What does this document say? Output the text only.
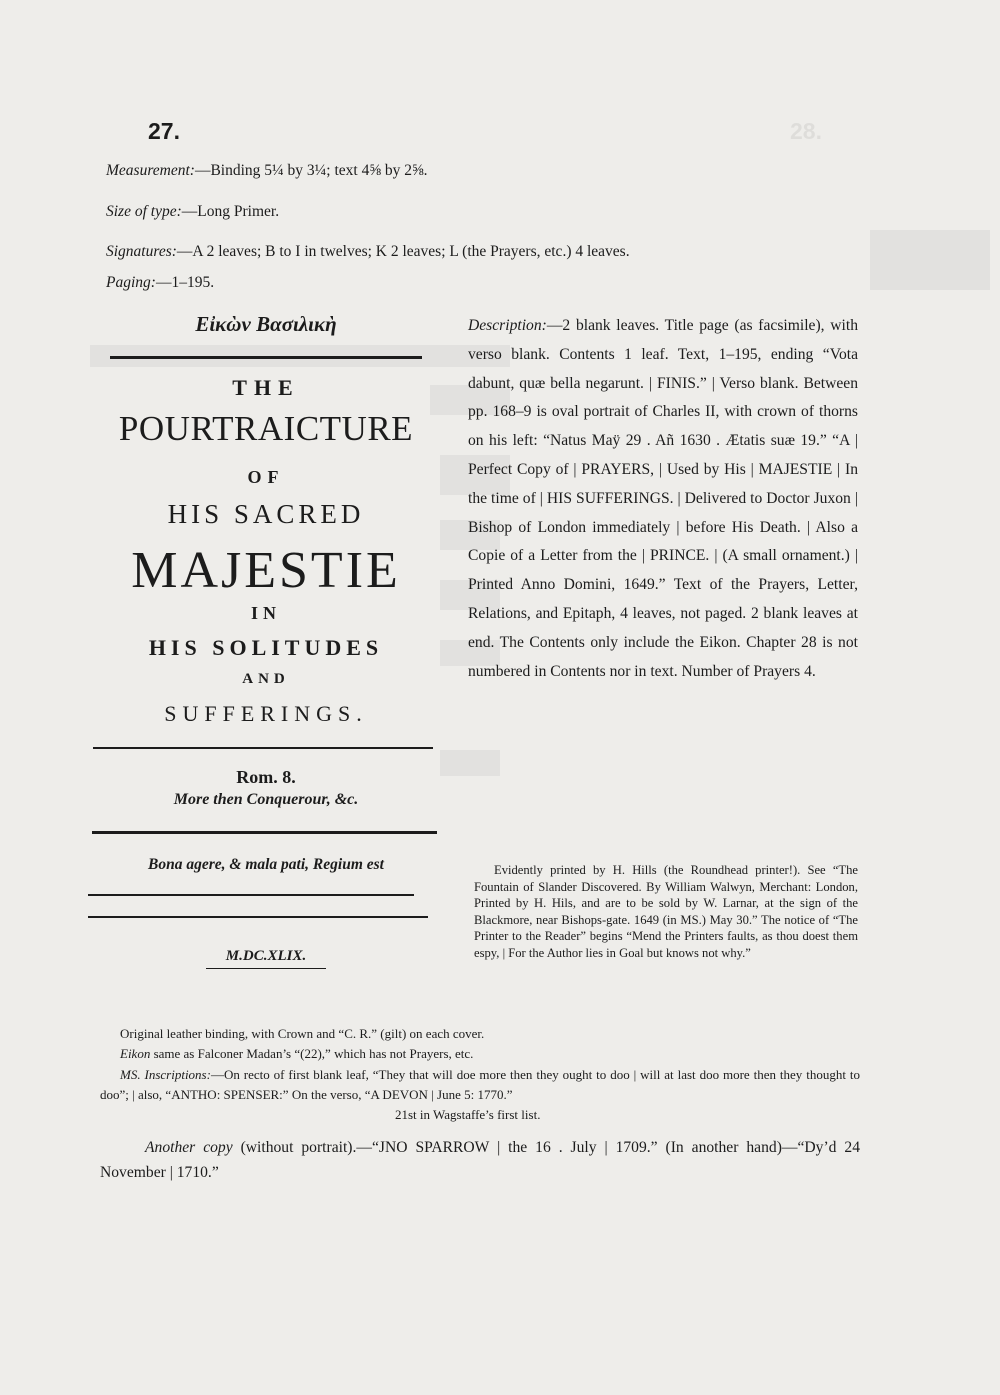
28.
27.
Measurement:—Binding 5¼ by 3¼; text 4⅝ by 2⅝.
Size of type:—Long Primer.
Signatures:—A 2 leaves; B to I in twelves; K 2 leaves; L (the Prayers, etc.) 4 leaves.
Paging:—1–195.
Εἰκὼν Βασιλικὴ
THE
POURTRAICTURE
OF
HIS SACRED
MAJESTIE
IN
HIS SOLITUDES
AND
SUFFERINGS.
Rom. 8.
More then Conquerour, &c.
Bona agere, & mala pati, Regium est
M.DC.XLIX.
Description:—2 blank leaves. Title page (as facsimile), with verso blank. Contents 1 leaf. Text, 1–195, ending “Vota dabunt, quæ bella negarunt. | FINIS.” | Verso blank. Between pp. 168–9 is oval portrait of Charles II, with crown of thorns on his left: “Natus Maÿ 29 . Añ 1630 . Ætatis suæ 19.” “A | Perfect Copy of | PRAYERS, | Used by His | MAJESTIE | In the time of | HIS SUFFERINGS. | Delivered to Doctor Juxon | Bishop of London immediately | before His Death. | Also a Copie of a Letter from the | PRINCE. | (A small ornament.) | Printed Anno Domini, 1649.” Text of the Prayers, Letter, Relations, and Epitaph, 4 leaves, not paged. 2 blank leaves at end. The Contents only include the Eikon. Chapter 28 is not numbered in Contents nor in text. Number of Prayers 4.
Evidently printed by H. Hills (the Roundhead printer!). See “The Fountain of Slander Discovered. By William Walwyn, Merchant: London, Printed by H. Hils, and are to be sold by W. Larnar, at the sign of the Blackmore, near Bishops-gate. 1649 (in MS.) May 30.” The notice of “The Printer to the Reader” begins “Mend the Printers faults, as thou doest them espy, | For the Author lies in Goal but knows not why.”
Original leather binding, with Crown and “C. R.” (gilt) on each cover.
Eikon same as Falconer Madan’s “(22),” which has not Prayers, etc.
MS. Inscriptions:—On recto of first blank leaf, “They that will doe more then they ought to doo | will at last doo more then they thought to doo”; | also, “ANTHO: SPENSER:” On the verso, “A DEVON | June 5: 1770.”
21st in Wagstaffe’s first list.
Another copy (without portrait).—“JNO SPARROW | the 16 . July | 1709.” (In another hand)—“Dy’d 24 November | 1710.”
